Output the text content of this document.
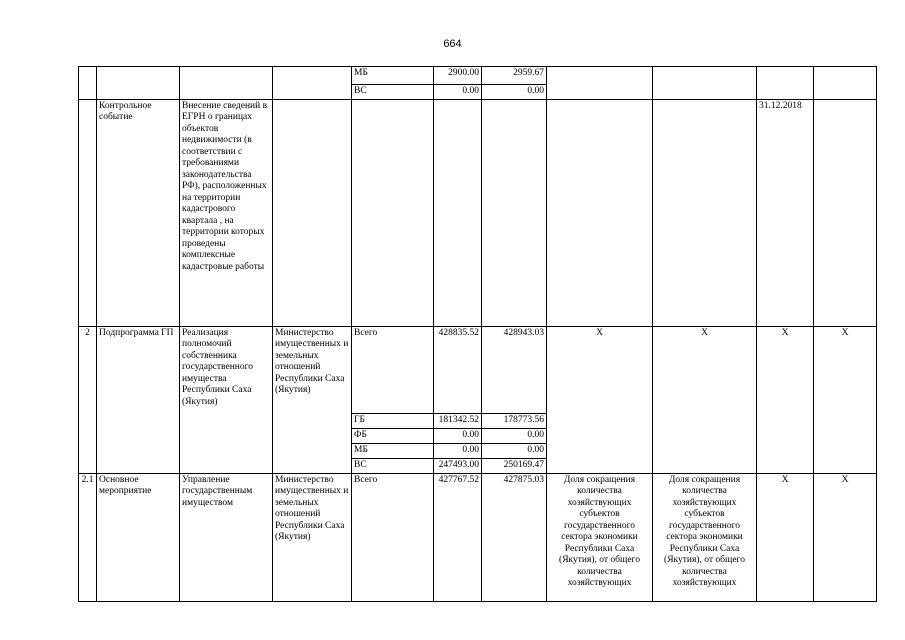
664
				МБ	2900.00	2959.67				
				ВС	0.00	0.00				
	Контрольное событие	Внесение сведений в ЕГРН о границах объектов недвижимости (в соответствии с требованиями законодательства РФ), расположенных на территории кадастрового квартала , на территории которых проведены комплексные кадастровые работы							31.12.2018	
2	Подпрограмма ГП	Реализация полномочий собственника государственного имущества Республики Саха (Якутия)	Министерство имущественных и земельных отношений Республики Саха (Якутия)	Всего	428835.52	428943.03	X	X	X	X
				ГБ	181342.52	178773.56				
				ФБ	0.00	0.00				
				МБ	0.00	0.00				
				ВС	247493.00	250169.47				
2.1	Основное мероприятие	Управление государственным имуществом	Министерство имущественных и земельных отношений Республики Саха (Якутия)	Всего	427767.52	427875.03	Доля сокращения количества хозяйствующих субъектов государственного сектора экономики Республики Саха (Якутия), от общего количества хозяйствующих	Доля сокращения количества хозяйствующих субъектов государственного сектора экономики Республики Саха (Якутия), от общего количества хозяйствующих	X	X
